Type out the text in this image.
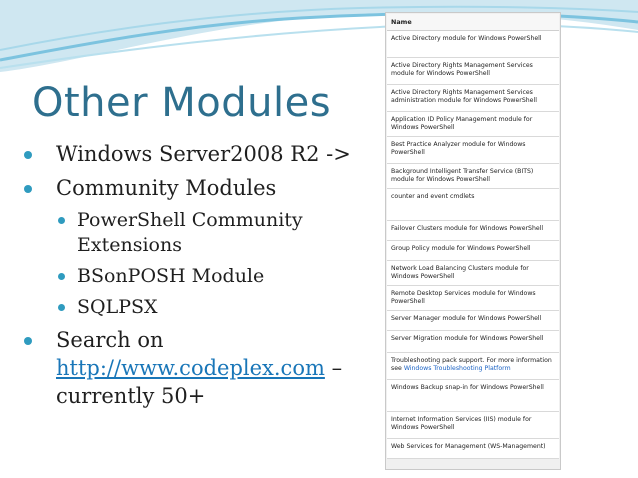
Other Modules
Windows Server2008 R2 ->
Community Modules
PowerShell Community Extensions
BSonPOSH Module
SQLPSX
Search on
http://www.codeplex.com – currently 50+
Name
Active Directory module for Windows PowerShell
Active Directory Rights Management Services module for Windows PowerShell
Active Directory Rights Management Services administration module for Windows PowerShell
Application ID Policy Management module for Windows PowerShell
Best Practice Analyzer module for Windows PowerShell
Background Intelligent Transfer Service (BITS) module for Windows PowerShell
counter and event cmdlets
Failover Clusters module for Windows PowerShell
Group Policy module for Windows PowerShell
Network Load Balancing Clusters module for Windows PowerShell
Remote Desktop Services module for Windows PowerShell
Server Manager module for Windows PowerShell
Server Migration module for Windows PowerShell
Troubleshooting pack support. For more information see Windows Troubleshooting Platform
Windows Backup snap-in for Windows PowerShell
Internet Information Services (IIS) module for Windows PowerShell
Web Services for Management (WS-Management)
